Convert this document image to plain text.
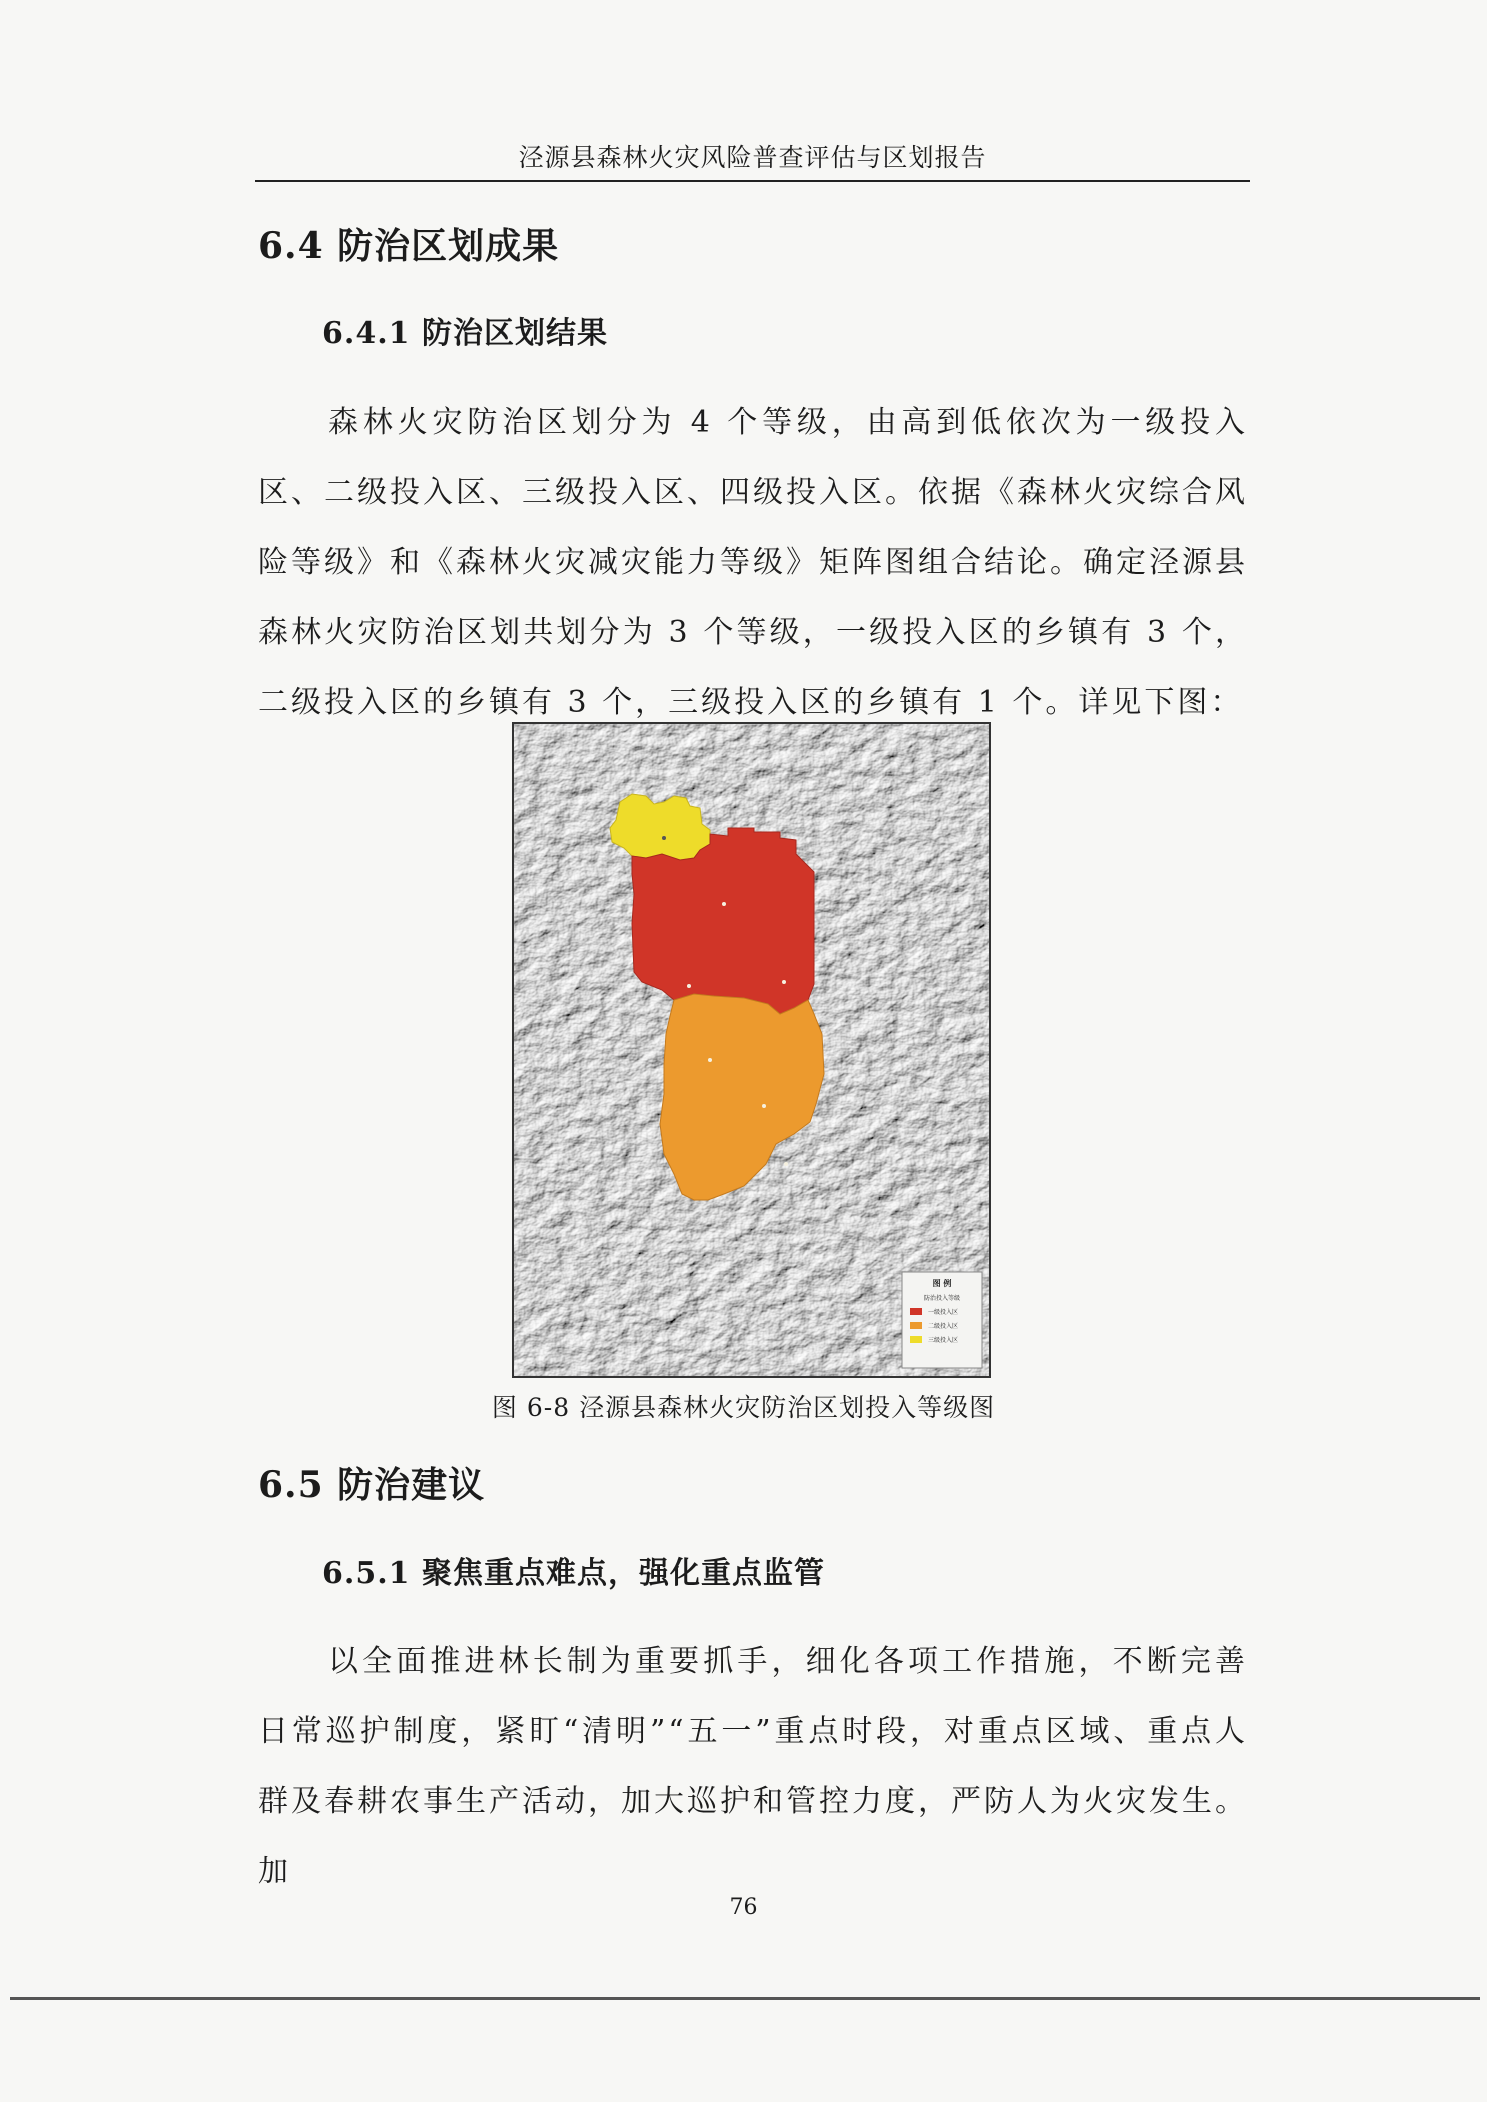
泾源县森林火灾风险普查评估与区划报告
6.4 防治区划成果
6.4.1 防治区划结果

森林火灾防治区划分为 4 个等级，由高到低依次为一级投入区、二级投入区、三级投入区、四级投入区。依据《森林火灾综合风险等级》和《森林火灾减灾能力等级》矩阵图组合结论。确定泾源县森林火灾防治区划共划分为 3 个等级，一级投入区的乡镇有 3 个，二级投入区的乡镇有 3 个，三级投入区的乡镇有 1 个。详见下图：

图 例
防治投入等级
一级投入区
二级投入区
三级投入区
图 6-8 泾源县森林火灾防治区划投入等级图
6.5 防治建议
6.5.1 聚焦重点难点，强化重点监管

以全面推进林长制为重要抓手，细化各项工作措施，不断完善日常巡护制度，紧盯“清明”“五一”重点时段，对重点区域、重点人群及春耕农事生产活动，加大巡护和管控力度，严防人为火灾发生。加

76
